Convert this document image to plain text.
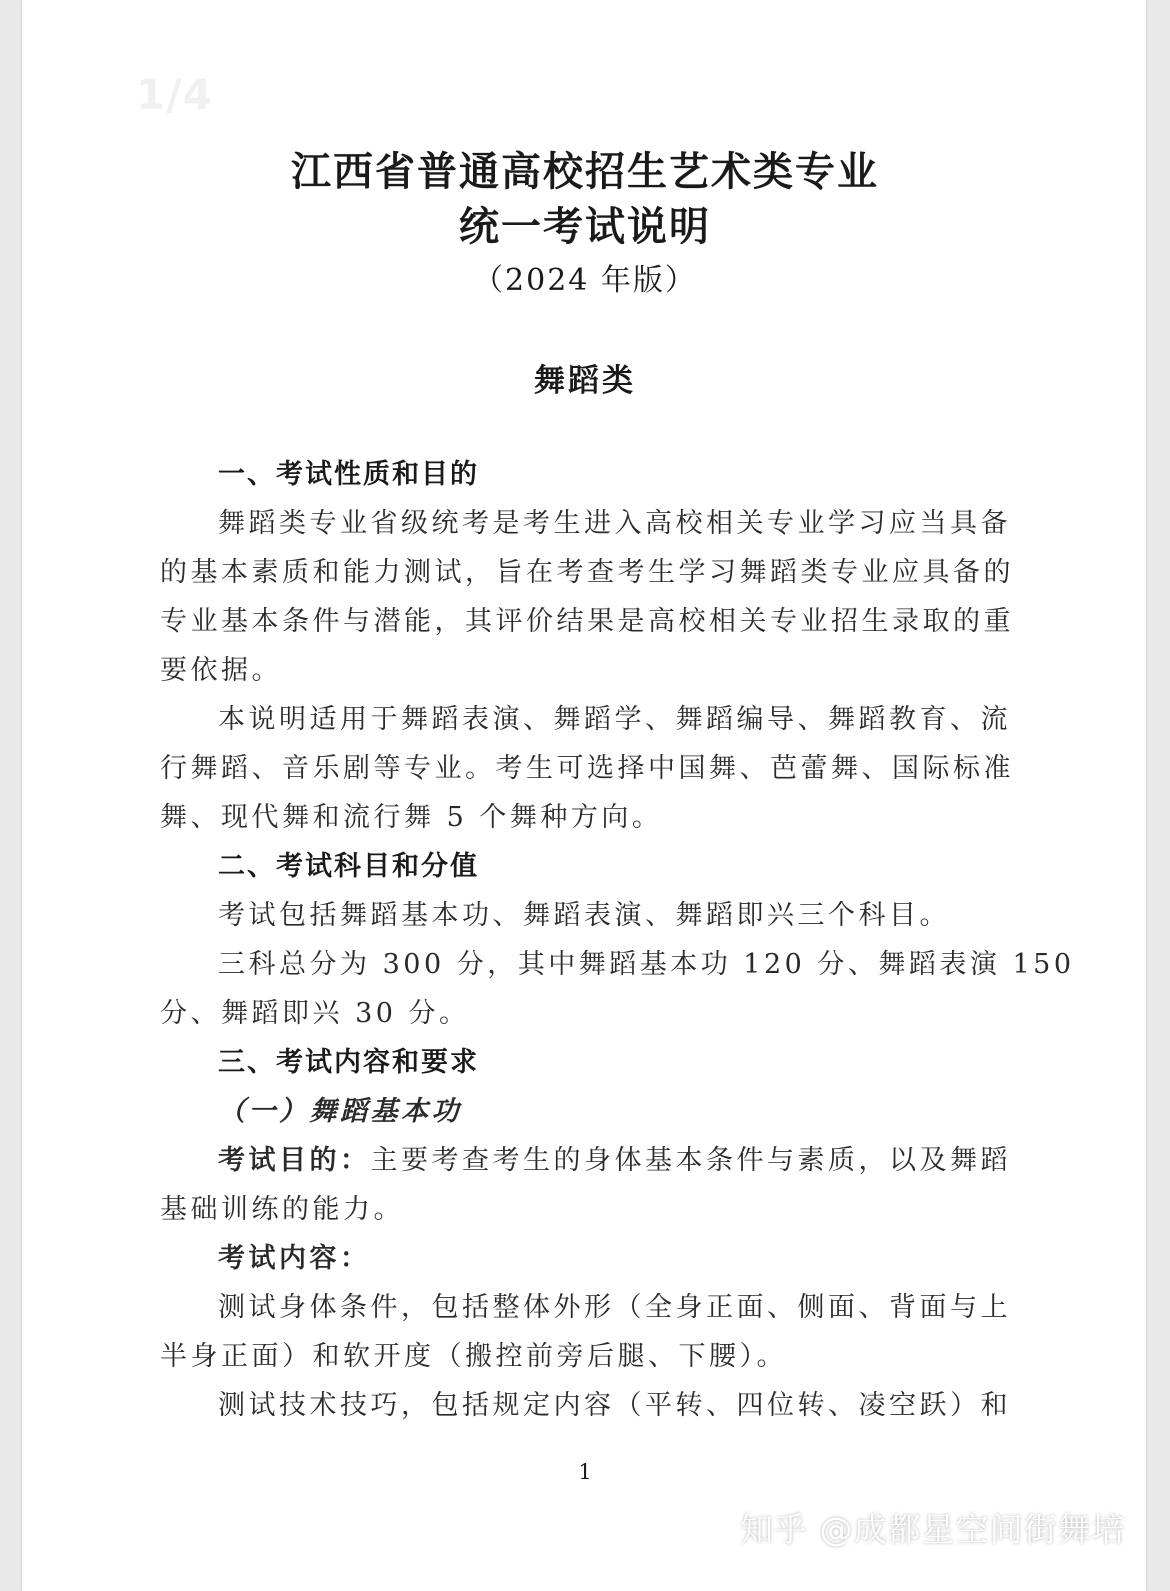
1/4
江西省普通高校招生艺术类专业
统一考试说明
（2024 年版）
舞蹈类
一、考试性质和目的
舞蹈类专业省级统考是考生进入高校相关专业学习应当具备
的基本素质和能力测试，旨在考查考生学习舞蹈类专业应具备的
专业基本条件与潜能，其评价结果是高校相关专业招生录取的重
要依据。
本说明适用于舞蹈表演、舞蹈学、舞蹈编导、舞蹈教育、流
行舞蹈、音乐剧等专业。考生可选择中国舞、芭蕾舞、国际标准
舞、现代舞和流行舞 5 个舞种方向。
二、考试科目和分值
考试包括舞蹈基本功、舞蹈表演、舞蹈即兴三个科目。
三科总分为 300 分，其中舞蹈基本功 120 分、舞蹈表演 150
分、舞蹈即兴 30 分。
三、考试内容和要求
（一）舞蹈基本功
考试目的：主要考查考生的身体基本条件与素质，以及舞蹈
基础训练的能力。
考试内容：
测试身体条件，包括整体外形（全身正面、侧面、背面与上
半身正面）和软开度（搬控前旁后腿、下腰）。
测试技术技巧，包括规定内容（平转、四位转、凌空跃）和
1
知乎 @成都星空间街舞培
